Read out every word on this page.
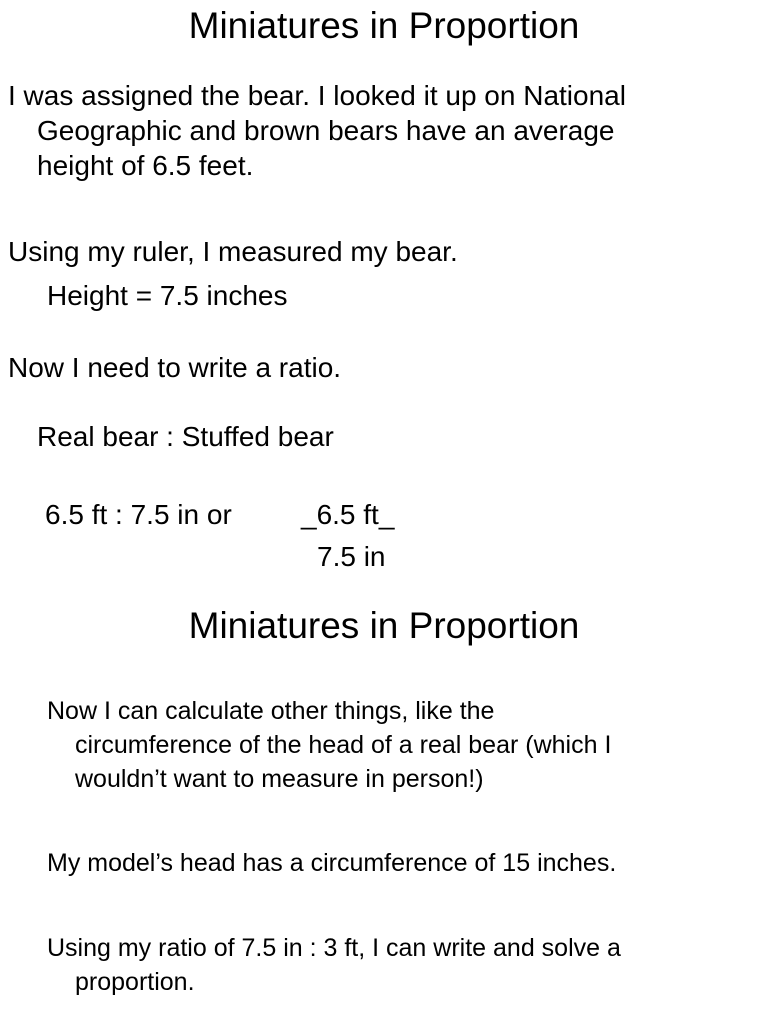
Miniatures in Proportion
I was assigned the bear. I looked it up on National
Geographic and brown bears have an average
height of 6.5 feet.
Using my ruler, I measured my bear.
Height = 7.5 inches
Now I need to write a ratio.
Real bear : Stuffed bear
6.5 ft : 7.5 in or _6.5 ft_
7.5 in
Miniatures in Proportion
Now I can calculate other things, like the
circumference of the head of a real bear (which I
wouldn’t want to measure in person!)
My model’s head has a circumference of 15 inches.
Using my ratio of 7.5 in : 3 ft, I can write and solve a
proportion.
